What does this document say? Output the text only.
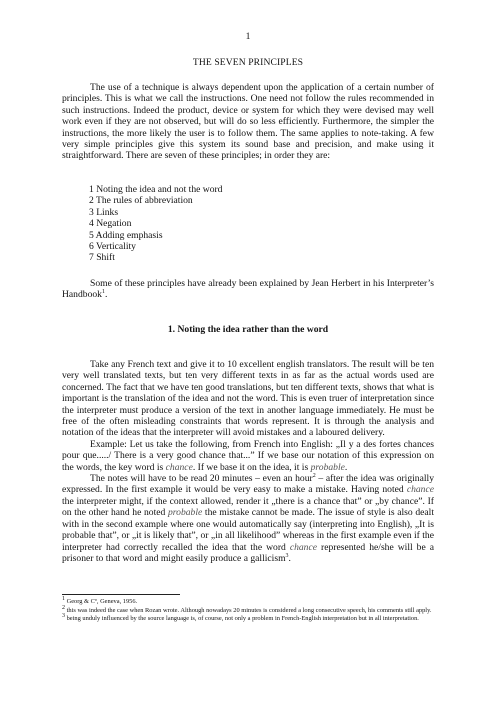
1
THE SEVEN PRINCIPLES
The use of a technique is always dependent upon the application of a certain number of principles. This is what we call the instructions. One need not follow the rules recommended in such instructions. Indeed the product, device or system for which they were devised may well work even if they are not observed, but will do so less efficiently. Furthermore, the simpler the instructions, the more likely the user is to follow them. The same applies to note-taking. A few very simple principles give this system its sound base and precision, and make using it straightforward. There are seven of these principles; in order they are:
1 Noting the idea and not the word
2 The rules of abbreviation
3 Links
4 Negation
5 Adding emphasis
6 Verticality
7 Shift
Some of these principles have already been explained by Jean Herbert in his Interpreter’s Handbook$^1$.
1. Noting the idea rather than the word

Take any French text and give it to 10 excellent english translators. The result will be ten very well translated texts, but ten very different texts in as far as the actual words used are concerned. The fact that we have ten good translations, but ten different texts, shows that what is important is the translation of the idea and not the word. This is even truer of interpretation since the interpreter must produce a version of the text in another language immediately. He must be free of the often misleading constraints that words represent. It is through the analysis and notation of the ideas that the interpreter will avoid mistakes and a laboured delivery.

Example: Let us take the following, from French into English: „Il y a des fortes chances pour que...../ There is a very good chance that...” If we base our notation of this expression on the words, the key word is chance. If we base it on the idea, it is probable.

The notes will have to be read 20 minutes – even an hour$^2$ – after the idea was originally expressed. In the first example it would be very easy to make a mistake. Having noted chance the interpreter might, if the context allowed, render it „there is a chance that” or „by chance”. If on the other hand he noted probable the mistake cannot be made. The issue of style is also dealt with in the second example where one would automatically say (interpreting into English), „It is probable that”, or „it is likely that”, or „in all likelihood” whereas in the first example even if the interpreter had correctly recalled the idea that the word chance represented he/she will be a prisoner to that word and might easily produce a gallicism$^3$.

$^1$ Georg & Cº, Geneva, 1956.

$^2$ this was indeed the case when Rozan wrote. Although nowadays 20 minutes is considered a long consecutive speech, his comments still apply.

$^3$ being unduly influenced by the source language is, of course, not only a problem in French-English interpretation but in all interpretation.
